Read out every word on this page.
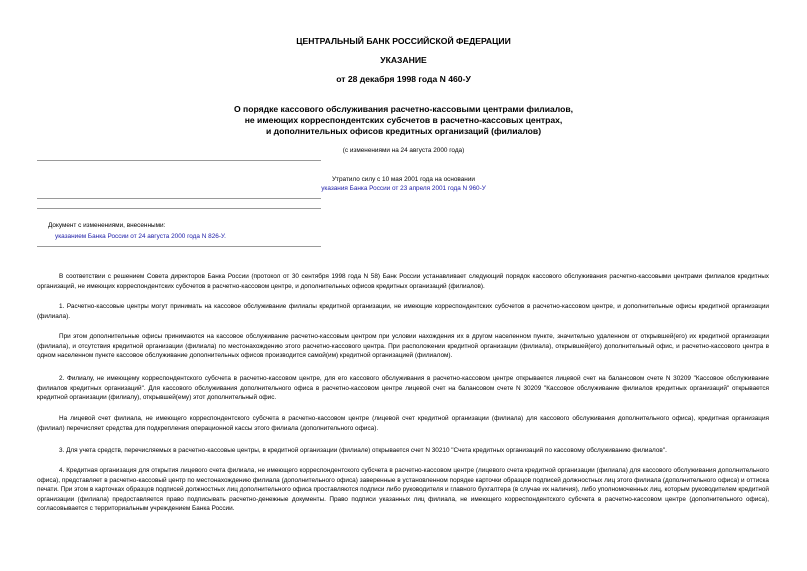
ЦЕНТРАЛЬНЫЙ БАНК РОССИЙСКОЙ ФЕДЕРАЦИИ
УКАЗАНИЕ
от 28 декабря 1998 года N 460-У
О порядке кассового обслуживания расчетно-кассовыми центрами филиалов,
не имеющих корреспондентских субсчетов в расчетно-кассовых центрах,
и дополнительных офисов кредитных организаций (филиалов)
(с изменениями на 24 августа 2000 года)
Утратило силу с 10 мая 2001 года на основании
указания Банка России от 23 апреля 2001 года N 960-У
Документ с изменениями, внесенными:
указанием Банка России от 24 августа 2000 года N 826-У.

В соответствии с решением Совета директоров Банка России (протокол от 30 сентября 1998 года N 58) Банк России устанавливает следующий порядок кассового обслуживания расчетно-кассовыми центрами филиалов кредитных организаций, не имеющих корреспондентских субсчетов в расчетно-кассовом центре, и дополнительных офисов кредитных организаций (филиалов).

1. Расчетно-кассовые центры могут принимать на кассовое обслуживание филиалы кредитной организации, не имеющие корреспондентских субсчетов в расчетно-кассовом центре, и дополнительные офисы кредитной организации (филиала).

При этом дополнительные офисы принимаются на кассовое обслуживание расчетно-кассовым центром при условии нахождения их в другом населенном пункте, значительно удаленном от открывшей(его) их кредитной организации (филиала), и отсутствия кредитной организации (филиала) по местонахождению этого расчетно-кассового центра. При расположении кредитной организации (филиала), открывшей(его) дополнительный офис, и расчетно-кассового центра в одном населенном пункте кассовое обслуживание дополнительных офисов производится самой(им) кредитной организацией (филиалом).

2. Филиалу, не имеющему корреспондентского субсчета в расчетно-кассовом центре, для его кассового обслуживания в расчетно-кассовом центре открывается лицевой счет на балансовом счете N 30209 "Кассовое обслуживание филиалов кредитных организаций". Для кассового обслуживания дополнительного офиса в расчетно-кассовом центре лицевой счет на балансовом счете N 30209 "Кассовое обслуживание филиалов кредитных организаций" открывается кредитной организации (филиалу), открывшей(ему) этот дополнительный офис.

На лицевой счет филиала, не имеющего корреспондентского субсчета в расчетно-кассовом центре (лицевой счет кредитной организации (филиала) для кассового обслуживания дополнительного офиса), кредитная организация (филиал) перечисляет средства для подкрепления операционной кассы этого филиала (дополнительного офиса).

3. Для учета средств, перечисляемых в расчетно-кассовые центры, в кредитной организации (филиале) открывается счет N 30210 "Счета кредитных организаций по кассовому обслуживанию филиалов".

4. Кредитная организация для открытия лицевого счета филиала, не имеющего корреспондентского субсчета в расчетно-кассовом центре (лицевого счета кредитной организации (филиала) для кассового обслуживания дополнительного офиса), представляет в расчетно-кассовый центр по местонахождению филиала (дополнительного офиса) заверенные в установленном порядке карточки образцов подписей должностных лиц этого филиала (дополнительного офиса) и оттиска печати. При этом в карточках образцов подписей должностных лиц дополнительного офиса проставляются подписи либо руководителя и главного бухгалтера (в случае их наличия), либо уполномоченных лиц, которым руководителем кредитной организации (филиала) предоставляется право подписывать расчетно-денежные документы. Право подписи указанных лиц филиала, не имеющего корреспондентского субсчета в расчетно-кассовом центре (дополнительного офиса), согласовывается с территориальным учреждением Банка России.
